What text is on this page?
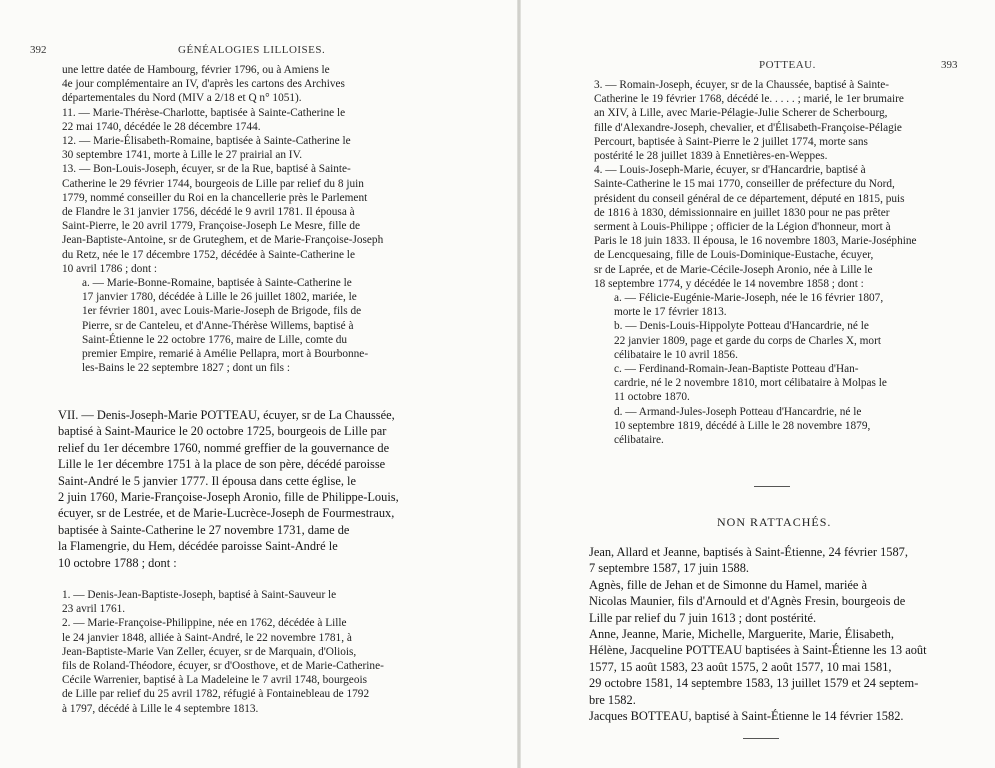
392	GÉNÉALOGIES LILLOISES.
une lettre datée de Hambourg, février 1796, ou à Amiens le
4e jour complémentaire an IV, d'après les cartons des Archives
départementales du Nord (MIV a 2/18 et Q n° 1051).
11. — Marie-Thérèse-Charlotte, baptisée à Sainte-Catherine le
22 mai 1740, décédée le 28 décembre 1744.
12. — Marie-Élisabeth-Romaine, baptisée à Sainte-Catherine le
30 septembre 1741, morte à Lille le 27 prairial an IV.
13. — Bon-Louis-Joseph, écuyer, sr de la Rue, baptisé à Sainte-
Catherine le 29 février 1744, bourgeois de Lille par relief du 8 juin
1779, nommé conseiller du Roi en la chancellerie près le Parlement
de Flandre le 31 janvier 1756, décédé le 9 avril 1781. Il épousa à
Saint-Pierre, le 20 avril 1779, Françoise-Joseph Le Mesre, fille de
Jean-Baptiste-Antoine, sr de Gruteghem, et de Marie-Françoise-Joseph
du Retz, née le 17 décembre 1752, décédée à Sainte-Catherine le
10 avril 1786 ; dont :
a. — Marie-Bonne-Romaine, baptisée à Sainte-Catherine le
17 janvier 1780, décédée à Lille le 26 juillet 1802, mariée, le
1er février 1801, avec Louis-Marie-Joseph de Brigode, fils de
Pierre, sr de Canteleu, et d'Anne-Thérèse Willems, baptisé à
Saint-Étienne le 22 octobre 1776, maire de Lille, comte du
premier Empire, remarié à Amélie Pellapra, mort à Bourbonne-
les-Bains le 22 septembre 1827 ; dont un fils :
VII. — Denis-Joseph-Marie POTTEAU, écuyer, sr de La Chaussée,
baptisé à Saint-Maurice le 20 octobre 1725, bourgeois de Lille par
relief du 1er décembre 1760, nommé greffier de la gouvernance de
Lille le 1er décembre 1751 à la place de son père, décédé paroisse
Saint-André le 5 janvier 1777. Il épousa dans cette église, le
2 juin 1760, Marie-Françoise-Joseph Aronio, fille de Philippe-Louis,
écuyer, sr de Lestrée, et de Marie-Lucrèce-Joseph de Fourmestraux,
baptisée à Sainte-Catherine le 27 novembre 1731, dame de
la Flamengrie, du Hem, décédée paroisse Saint-André le
10 octobre 1788 ; dont :
1. — Denis-Jean-Baptiste-Joseph, baptisé à Saint-Sauveur le
23 avril 1761.
2. — Marie-Françoise-Philippine, née en 1762, décédée à Lille
le 24 janvier 1848, alliée à Saint-André, le 22 novembre 1781, à
Jean-Baptiste-Marie Van Zeller, écuyer, sr de Marquain, d'Oliois,
fils de Roland-Théodore, écuyer, sr d'Oosthove, et de Marie-Catherine-
Cécile Warrenier, baptisé à La Madeleine le 7 avril 1748, bourgeois
de Lille par relief du 25 avril 1782, réfugié à Fontainebleau de 1792
à 1797, décédé à Lille le 4 septembre 1813.
POTTEAU.	393
3. — Romain-Joseph, écuyer, sr de la Chaussée, baptisé à Sainte-
Catherine le 19 février 1768, décédé le. . . . . ; marié, le 1er brumaire
an XIV, à Lille, avec Marie-Pélagie-Julie Scherer de Scherbourg,
fille d'Alexandre-Joseph, chevalier, et d'Élisabeth-Françoise-Pélagie
Percourt, baptisée à Saint-Pierre le 2 juillet 1774, morte sans
postérité le 28 juillet 1839 à Ennetières-en-Weppes.
4. — Louis-Joseph-Marie, écuyer, sr d'Hancardrie, baptisé à
Sainte-Catherine le 15 mai 1770, conseiller de préfecture du Nord,
président du conseil général de ce département, député en 1815, puis
de 1816 à 1830, démissionnaire en juillet 1830 pour ne pas prêter
serment à Louis-Philippe ; officier de la Légion d'honneur, mort à
Paris le 18 juin 1833. Il épousa, le 16 novembre 1803, Marie-Joséphine
de Lencquesaing, fille de Louis-Dominique-Eustache, écuyer,
sr de Laprée, et de Marie-Cécile-Joseph Aronio, née à Lille le
18 septembre 1774, y décédée le 14 novembre 1858 ; dont :
a. — Félicie-Eugénie-Marie-Joseph, née le 16 février 1807,
morte le 17 février 1813.
b. — Denis-Louis-Hippolyte Potteau d'Hancardrie, né le
22 janvier 1809, page et garde du corps de Charles X, mort
célibataire le 10 avril 1856.
c. — Ferdinand-Romain-Jean-Baptiste Potteau d'Han-
cardrie, né le 2 novembre 1810, mort célibataire à Molpas le
11 octobre 1870.
d. — Armand-Jules-Joseph Potteau d'Hancardrie, né le
10 septembre 1819, décédé à Lille le 28 novembre 1879,
célibataire.
NON RATTACHÉS.
Jean, Allard et Jeanne, baptisés à Saint-Étienne, 24 février 1587,
7 septembre 1587, 17 juin 1588.
Agnès, fille de Jehan et de Simonne du Hamel, mariée à
Nicolas Maunier, fils d'Arnould et d'Agnès Fresin, bourgeois de
Lille par relief du 7 juin 1613 ; dont postérité.
Anne, Jeanne, Marie, Michelle, Marguerite, Marie, Élisabeth,
Hélène, Jacqueline POTTEAU baptisées à Saint-Étienne les 13 août
1577, 15 août 1583, 23 août 1575, 2 août 1577, 10 mai 1581,
29 octobre 1581, 14 septembre 1583, 13 juillet 1579 et 24 septem-
bre 1582.
Jacques BOTTEAU, baptisé à Saint-Étienne le 14 février 1582.
